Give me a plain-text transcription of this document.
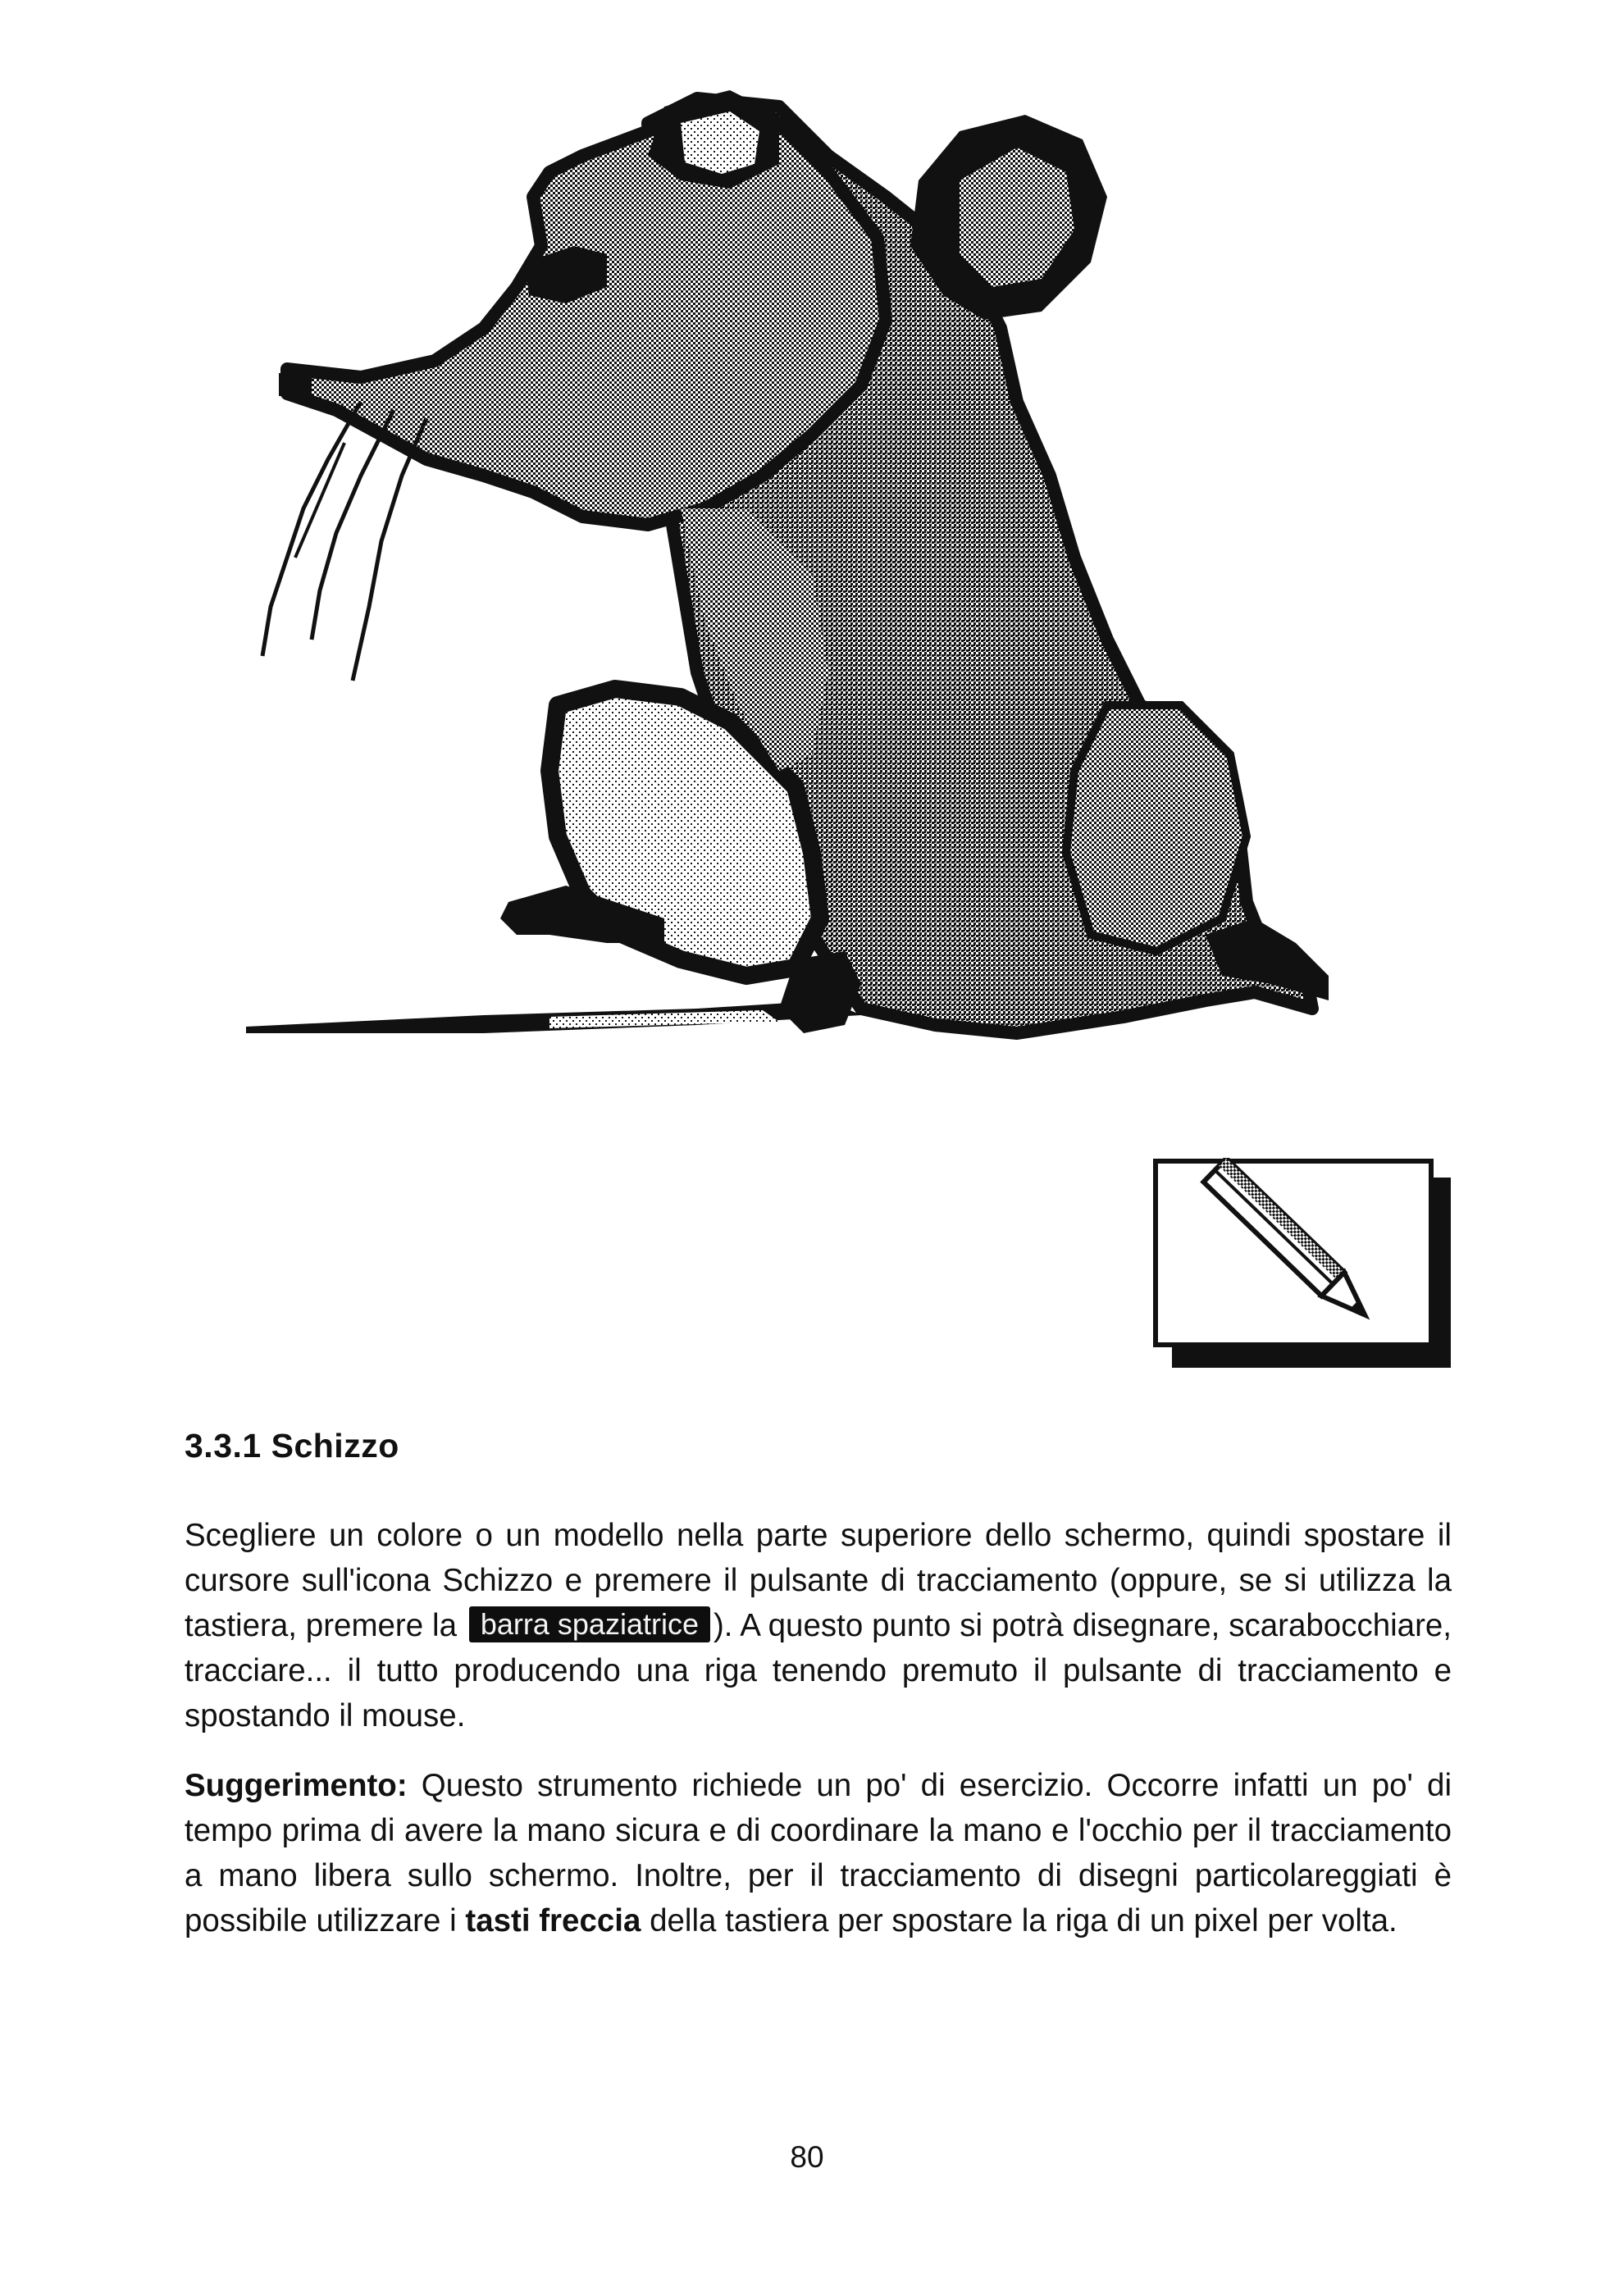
3.3.1 Schizzo

Scegliere un colore o un modello nella parte superiore dello schermo, quindi spostare il cursore sull'icona Schizzo e premere il pulsante di tracciamento (oppure, se si utilizza la tastiera, premere la barra spaziatrice ). A questo punto si potrà disegnare, scarabocchiare, tracciare... il tutto producendo una riga tenendo premuto il pulsante di tracciamento e spostando il mouse.

Suggerimento: Questo strumento richiede un po' di esercizio. Occorre infatti un po' di tempo prima di avere la mano sicura e di coordinare la mano e l'occhio per il tracciamento a mano libera sullo schermo. Inoltre, per il tracciamento di disegni particolareggiati è possibile utilizzare i tasti freccia della tastiera per spostare la riga di un pixel per volta.

80
